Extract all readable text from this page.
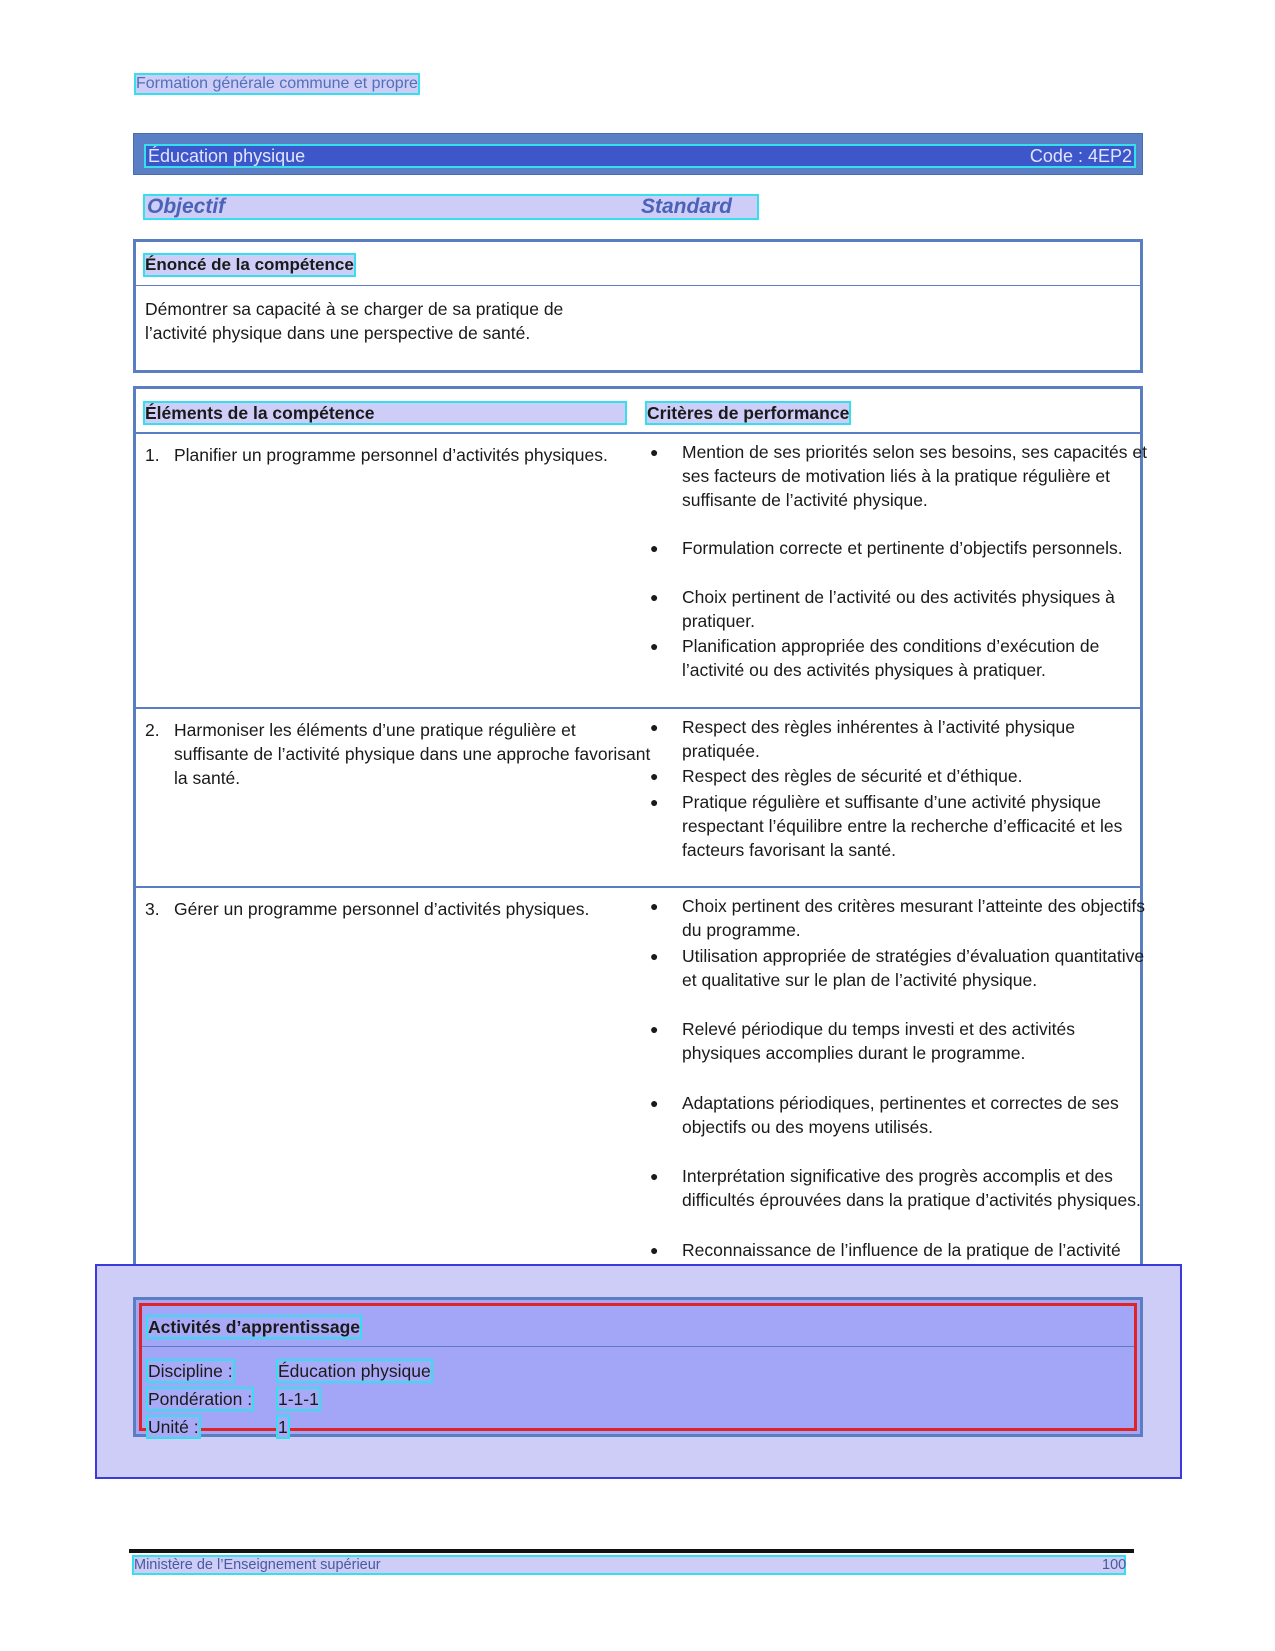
Formation générale commune et propre
Éducation physique	Code : 4EP2
Objectif	Standard
Énoncé de la compétence
Démontrer sa capacité à se charger de sa pratique de l’activité physique dans une perspective de santé.
Éléments de la compétence	Critères de performance
1. Planifier un programme personnel d’activités physiques.	● Mention de ses priorités selon ses besoins, ses capacités et ses facteurs de motivation liés à la pratique régulière et suffisante de l’activité physique.
● Formulation correcte et pertinente d’objectifs personnels.
● Choix pertinent de l’activité ou des activités physiques à pratiquer.
● Planification appropriée des conditions d’exécution de l’activité ou des activités physiques à pratiquer.
2. Harmoniser les éléments d’une pratique régulière et suffisante de l’activité physique dans une approche favorisant la santé.
● Respect des règles inhérentes à l’activité physique pratiquée.
● Respect des règles de sécurité et d’éthique.
● Pratique régulière et suffisante d’une activité physique respectant l’équilibre entre la recherche d’efficacité et les facteurs favorisant la santé.
3. Gérer un programme personnel d’activités physiques.	● Choix pertinent des critères mesurant l’atteinte des objectifs du programme.
● Utilisation appropriée de stratégies d’évaluation quantitative et qualitative sur le plan de l’activité physique.
● Relevé périodique du temps investi et des activités physiques accomplies durant le programme.
● Adaptations périodiques, pertinentes et correctes de ses objectifs ou des moyens utilisés.
● Interprétation significative des progrès accomplis et des difficultés éprouvées dans la pratique d’activités physiques.
● Reconnaissance de l’influence de la pratique de l’activité
Activités d’apprentissage
Discipline :	Éducation physique
Pondération : 1-1-1
Unité :	1
Ministère de l’Enseignement supérieur	100
